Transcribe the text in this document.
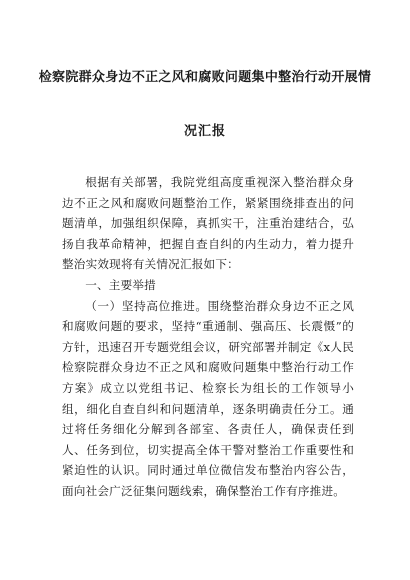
检察院群众身边不正之风和腐败问题集中整治行动开展情
况汇报

根据有关部署，我院党组高度重视深入整治群众身边不正之风和腐败问题整治工作，紧紧围绕排查出的问题清单，加强组织保障，真抓实干，注重治建结合，弘扬自我革命精神，把握自查自纠的内生动力，着力提升整治实效现将有关情况汇报如下：

一、主要举措

（一）坚持高位推进。围绕整治群众身边不正之风和腐败问题的要求，坚持“重通制、强高压、长震慑”的方针，迅速召开专题党组会议，研究部署并制定《x人民检察院群众身边不正之风和腐败问题集中整治行动工作方案》成立以党组书记、检察长为组长的工作领导小组，细化自查自纠和问题清单，逐条明确责任分工。通过将任务细化分解到各部室、各责任人，确保责任到人、任务到位，切实提高全体干警对整治工作重要性和紧迫性的认识。同时通过单位微信发布整治内容公告，面向社会广泛征集问题线索，确保整治工作有序推进。
